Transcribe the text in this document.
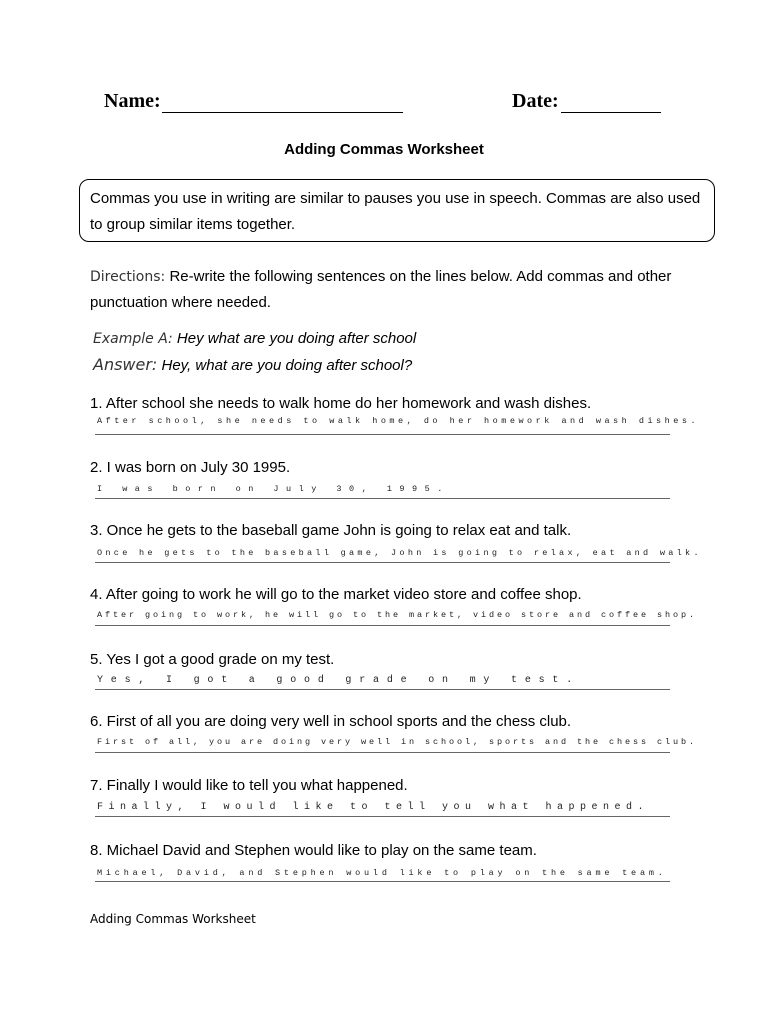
Name:	Date:
Adding Commas Worksheet
Commas you use in writing are similar to pauses you use in speech. Commas are also used to group similar items together.
Directions: Re-write the following sentences on the lines below. Add commas and other punctuation where needed.
Example A: Hey what are you doing after school
Answer: Hey, what are you doing after school?
1. After school she needs to walk home do her homework and wash dishes.
After school, she needs to walk home, do her homework and wash dishes.
2. I was born on July 30 1995.
I was born on July 30, 1995.
3. Once he gets to the baseball game John is going to relax eat and talk.
Once he gets to the baseball game, John is going to relax, eat and walk.
4. After going to work he will go to the market video store and coffee shop.
After going to work, he will go to the market, video store and coffee shop.
5. Yes I got a good grade on my test.
Yes, I got a good grade on my test.
6. First of all you are doing very well in school sports and the chess club.
First of all, you are doing very well in school, sports and the chess club.
7. Finally I would like to tell you what happened.
Finally, I would like to tell you what happened.
8. Michael David and Stephen would like to play on the same team.
Michael, David, and Stephen would like to play on the same team.
Adding Commas Worksheet
